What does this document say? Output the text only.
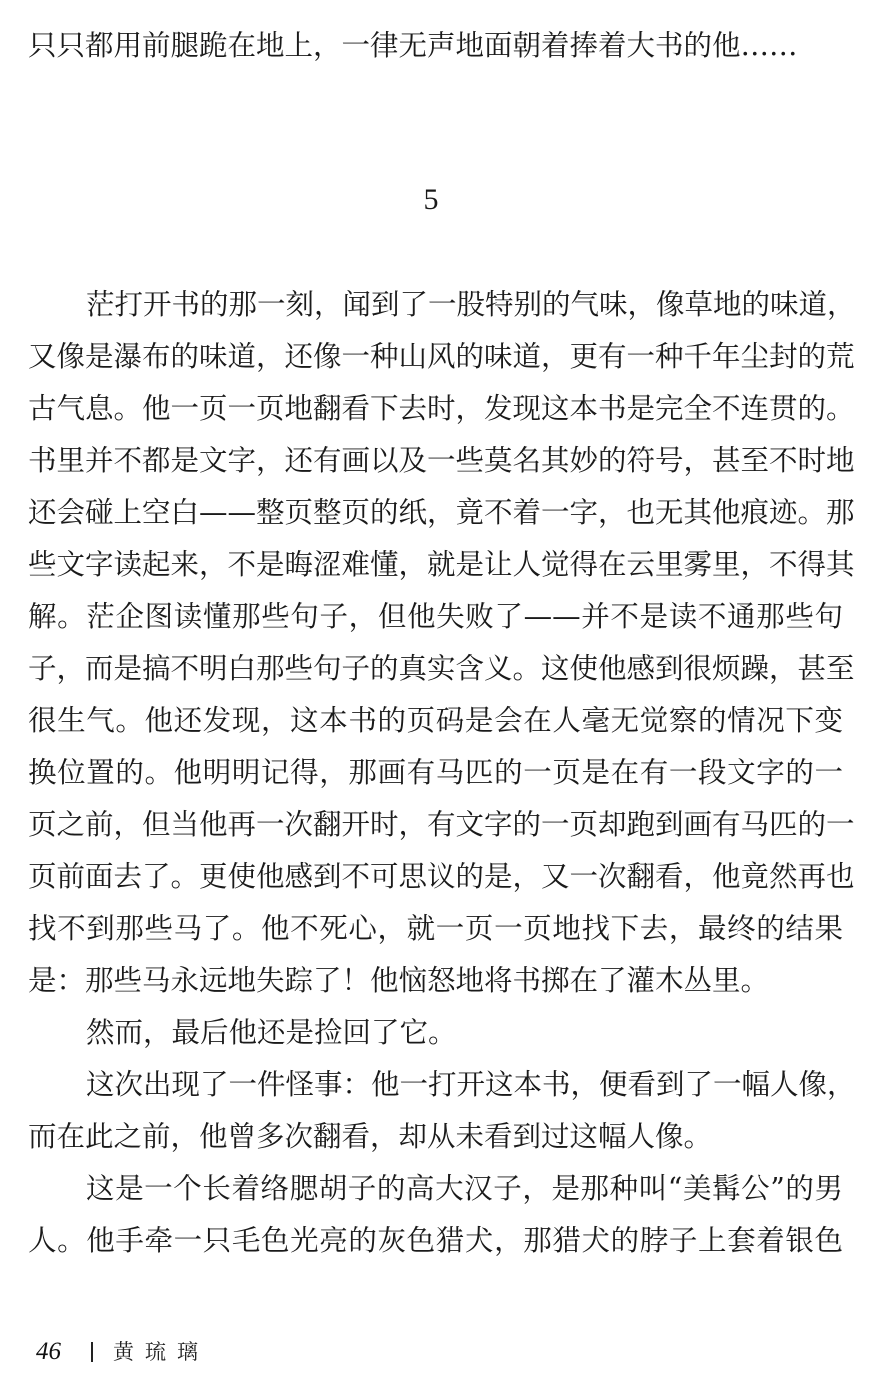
只只都用前腿跪在地上，一律无声地面朝着捧着大书的他……
5
茫打开书的那一刻，闻到了一股特别的气味，像草地的味道，
又像是瀑布的味道，还像一种山风的味道，更有一种千年尘封的荒
古气息。他一页一页地翻看下去时，发现这本书是完全不连贯的。
书里并不都是文字，还有画以及一些莫名其妙的符号，甚至不时地
还会碰上空白——整页整页的纸，竟不着一字，也无其他痕迹。那
些文字读起来，不是晦涩难懂，就是让人觉得在云里雾里，不得其
解。茫企图读懂那些句子，但他失败了——并不是读不通那些句
子，而是搞不明白那些句子的真实含义。这使他感到很烦躁，甚至
很生气。他还发现，这本书的页码是会在人毫无觉察的情况下变
换位置的。他明明记得，那画有马匹的一页是在有一段文字的一
页之前，但当他再一次翻开时，有文字的一页却跑到画有马匹的一
页前面去了。更使他感到不可思议的是，又一次翻看，他竟然再也
找不到那些马了。他不死心，就一页一页地找下去，最终的结果
是：那些马永远地失踪了！他恼怒地将书掷在了灌木丛里。
然而，最后他还是捡回了它。
这次出现了一件怪事：他一打开这本书，便看到了一幅人像，
而在此之前，他曾多次翻看，却从未看到过这幅人像。
这是一个长着络腮胡子的高大汉子，是那种叫“美髯公”的男
人。他手牵一只毛色光亮的灰色猎犬，那猎犬的脖子上套着银色
46 黄琉璃
